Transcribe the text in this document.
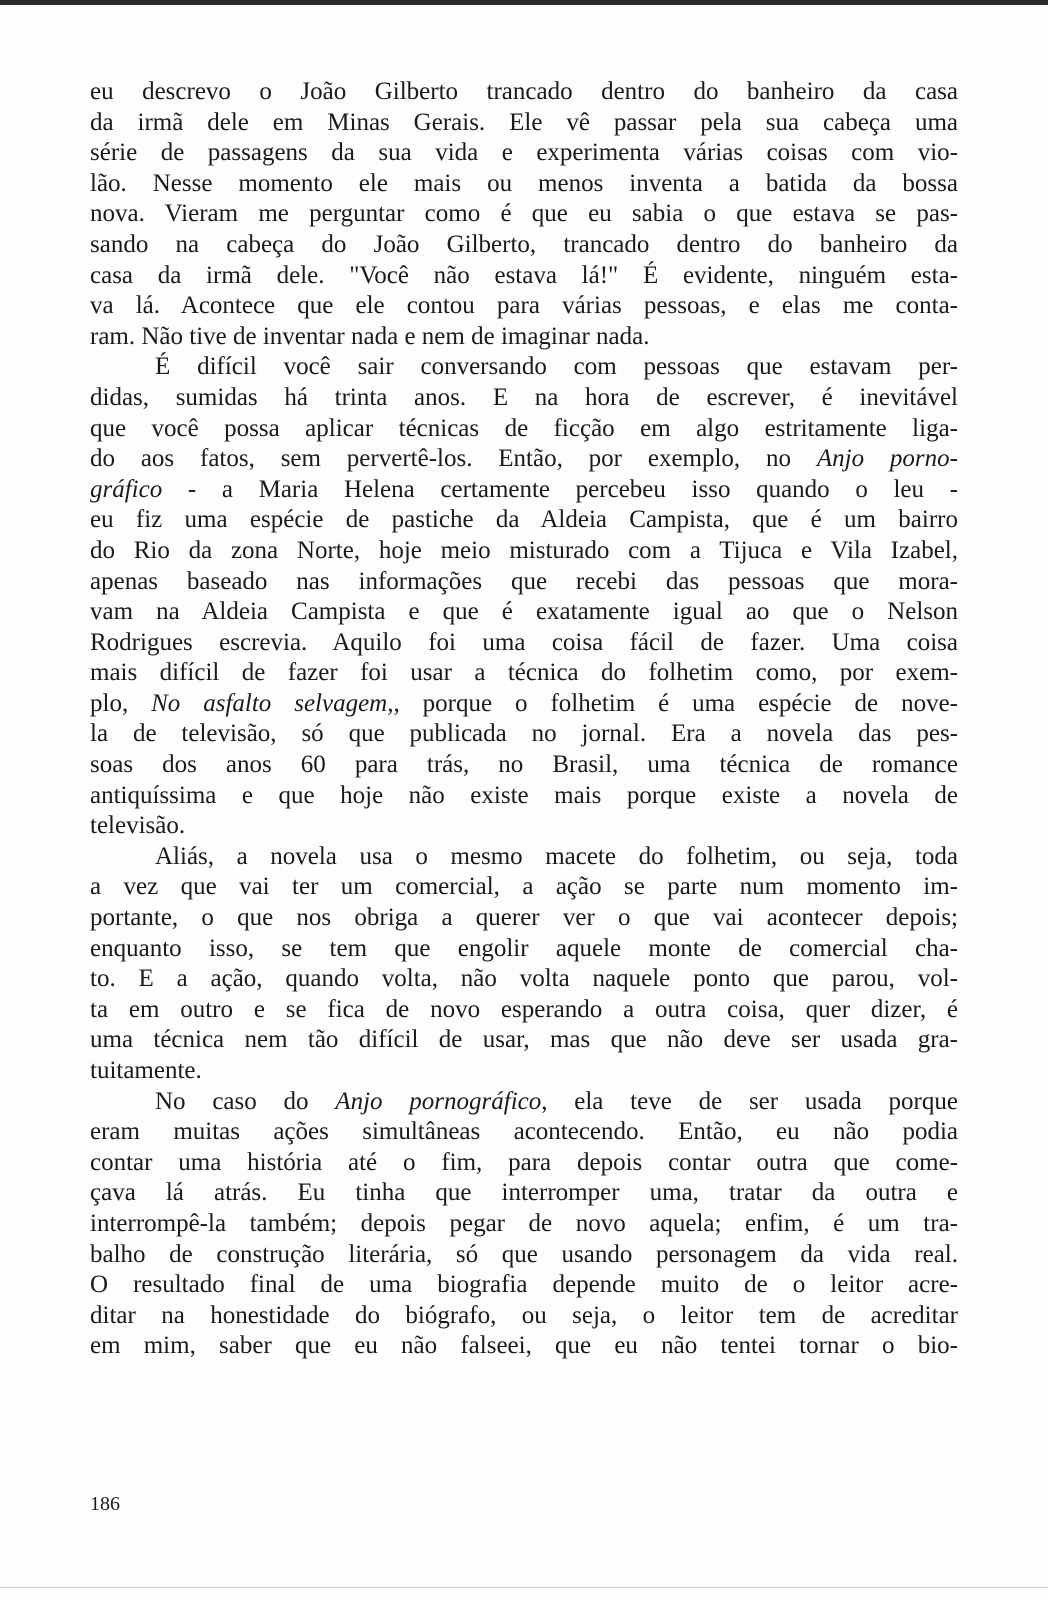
eu descrevo o João Gilberto trancado dentro do banheiro da casa
da irmã dele em Minas Gerais. Ele vê passar pela sua cabeça uma
série de passagens da sua vida e experimenta várias coisas com vio-
lão. Nesse momento ele mais ou menos inventa a batida da bossa
nova. Vieram me perguntar como é que eu sabia o que estava se pas-
sando na cabeça do João Gilberto, trancado dentro do banheiro da
casa da irmã dele. "Você não estava lá!" É evidente, ninguém esta-
va lá. Acontece que ele contou para várias pessoas, e elas me conta-
ram. Não tive de inventar nada e nem de imaginar nada.
É difícil você sair conversando com pessoas que estavam per-
didas, sumidas há trinta anos. E na hora de escrever, é inevitável
que você possa aplicar técnicas de ficção em algo estritamente liga-
do aos fatos, sem pervertê-los. Então, por exemplo, no Anjo porno-
gráfico - a Maria Helena certamente percebeu isso quando o leu -
eu fiz uma espécie de pastiche da Aldeia Campista, que é um bairro
do Rio da zona Norte, hoje meio misturado com a Tijuca e Vila Izabel,
apenas baseado nas informações que recebi das pessoas que mora-
vam na Aldeia Campista e que é exatamente igual ao que o Nelson
Rodrigues escrevia. Aquilo foi uma coisa fácil de fazer. Uma coisa
mais difícil de fazer foi usar a técnica do folhetim como, por exem-
plo, No asfalto selvagem,, porque o folhetim é uma espécie de nove-
la de televisão, só que publicada no jornal. Era a novela das pes-
soas dos anos 60 para trás, no Brasil, uma técnica de romance
antiquíssima e que hoje não existe mais porque existe a novela de
televisão.
Aliás, a novela usa o mesmo macete do folhetim, ou seja, toda
a vez que vai ter um comercial, a ação se parte num momento im-
portante, o que nos obriga a querer ver o que vai acontecer depois;
enquanto isso, se tem que engolir aquele monte de comercial cha-
to. E a ação, quando volta, não volta naquele ponto que parou, vol-
ta em outro e se fica de novo esperando a outra coisa, quer dizer, é
uma técnica nem tão difícil de usar, mas que não deve ser usada gra-
tuitamente.
No caso do Anjo pornográfico, ela teve de ser usada porque
eram muitas ações simultâneas acontecendo. Então, eu não podia
contar uma história até o fim, para depois contar outra que come-
çava lá atrás. Eu tinha que interromper uma, tratar da outra e
interrompê-la também; depois pegar de novo aquela; enfim, é um tra-
balho de construção literária, só que usando personagem da vida real.
O resultado final de uma biografia depende muito de o leitor acre-
ditar na honestidade do biógrafo, ou seja, o leitor tem de acreditar
em mim, saber que eu não falseei, que eu não tentei tornar o bio-
186
